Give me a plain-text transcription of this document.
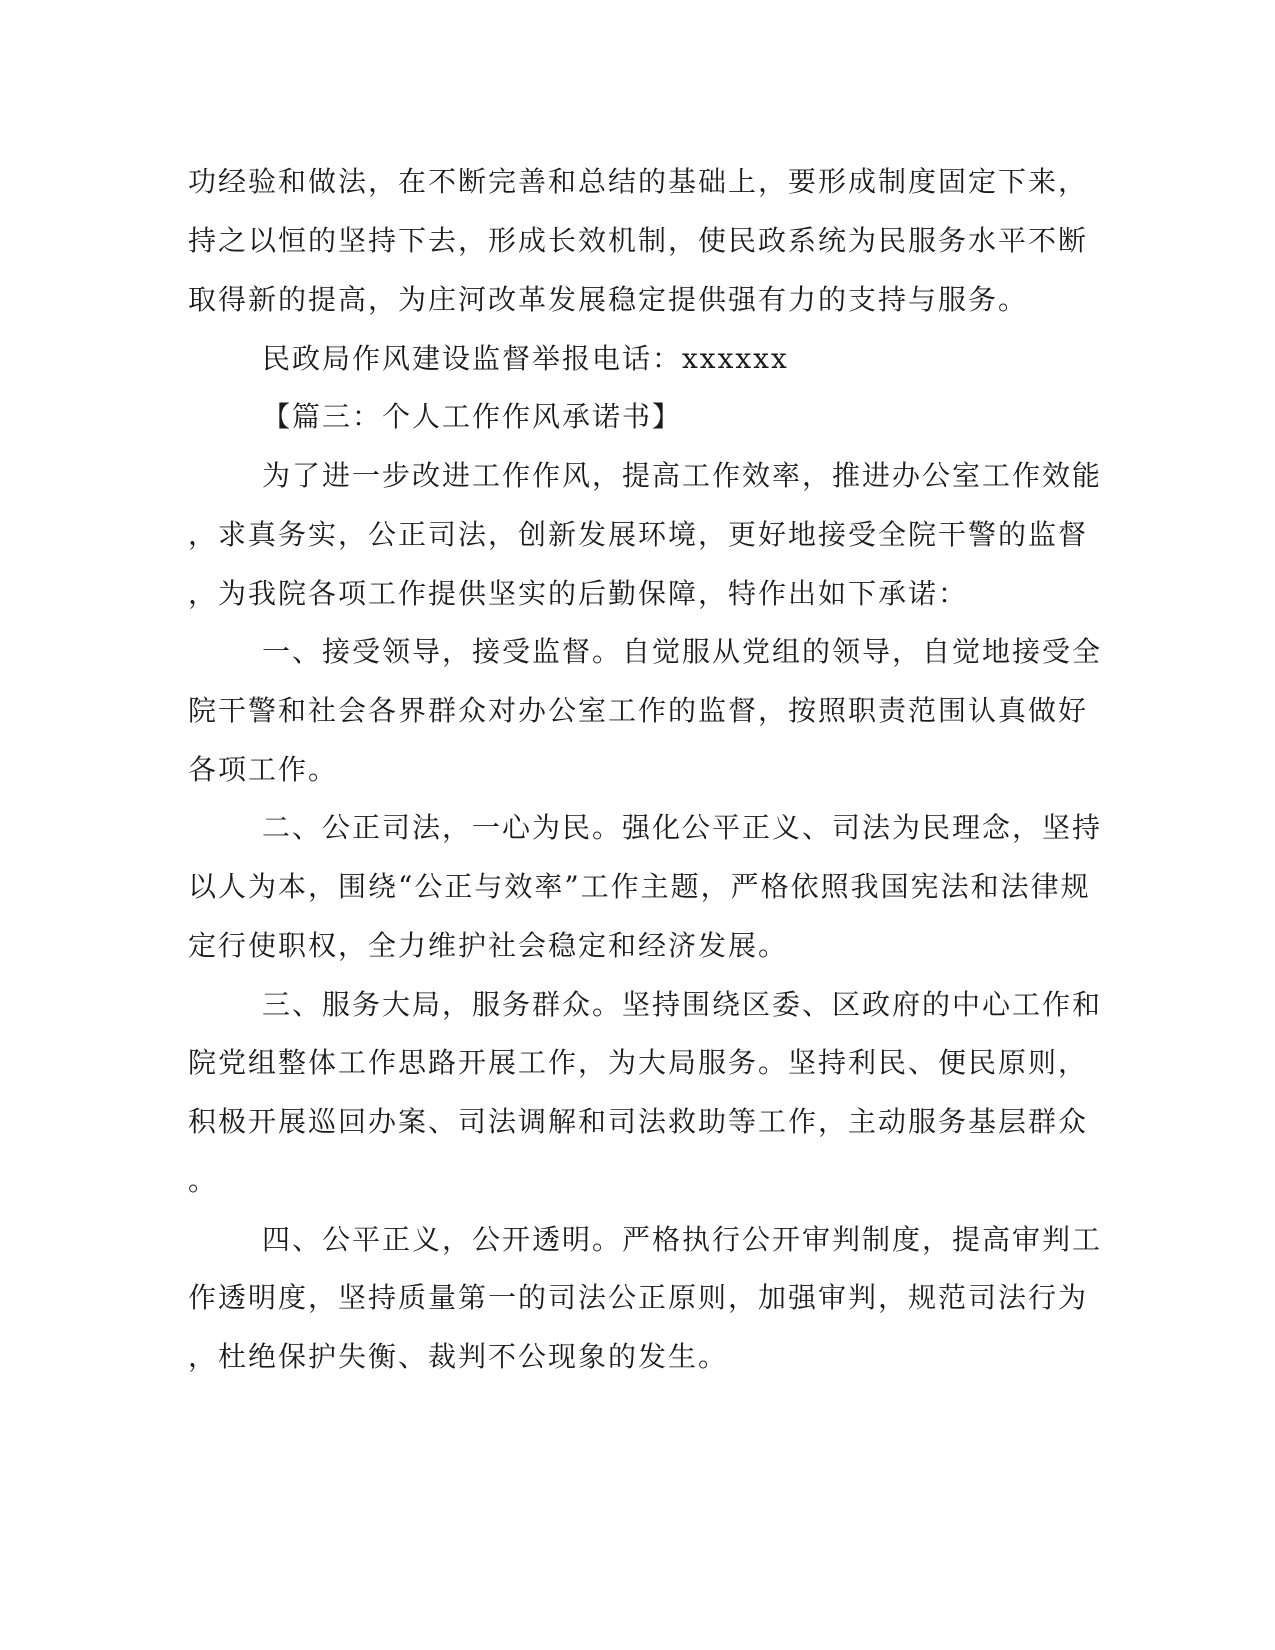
功经验和做法，在不断完善和总结的基础上，要形成制度固定下来，
持之以恒的坚持下去，形成长效机制，使民政系统为民服务水平不断
取得新的提高，为庄河改革发展稳定提供强有力的支持与服务。
民政局作风建设监督举报电话：xxxxxx
【篇三：个人工作作风承诺书】
为了进一步改进工作作风，提高工作效率，推进办公室工作效能
，求真务实，公正司法，创新发展环境，更好地接受全院干警的监督
，为我院各项工作提供坚实的后勤保障，特作出如下承诺：
一、接受领导，接受监督。自觉服从党组的领导，自觉地接受全
院干警和社会各界群众对办公室工作的监督，按照职责范围认真做好
各项工作。
二、公正司法，一心为民。强化公平正义、司法为民理念，坚持
以人为本，围绕“公正与效率”工作主题，严格依照我国宪法和法律规
定行使职权，全力维护社会稳定和经济发展。
三、服务大局，服务群众。坚持围绕区委、区政府的中心工作和
院党组整体工作思路开展工作，为大局服务。坚持利民、便民原则，
积极开展巡回办案、司法调解和司法救助等工作，主动服务基层群众
。
四、公平正义，公开透明。严格执行公开审判制度，提高审判工
作透明度，坚持质量第一的司法公正原则，加强审判，规范司法行为
，杜绝保护失衡、裁判不公现象的发生。
